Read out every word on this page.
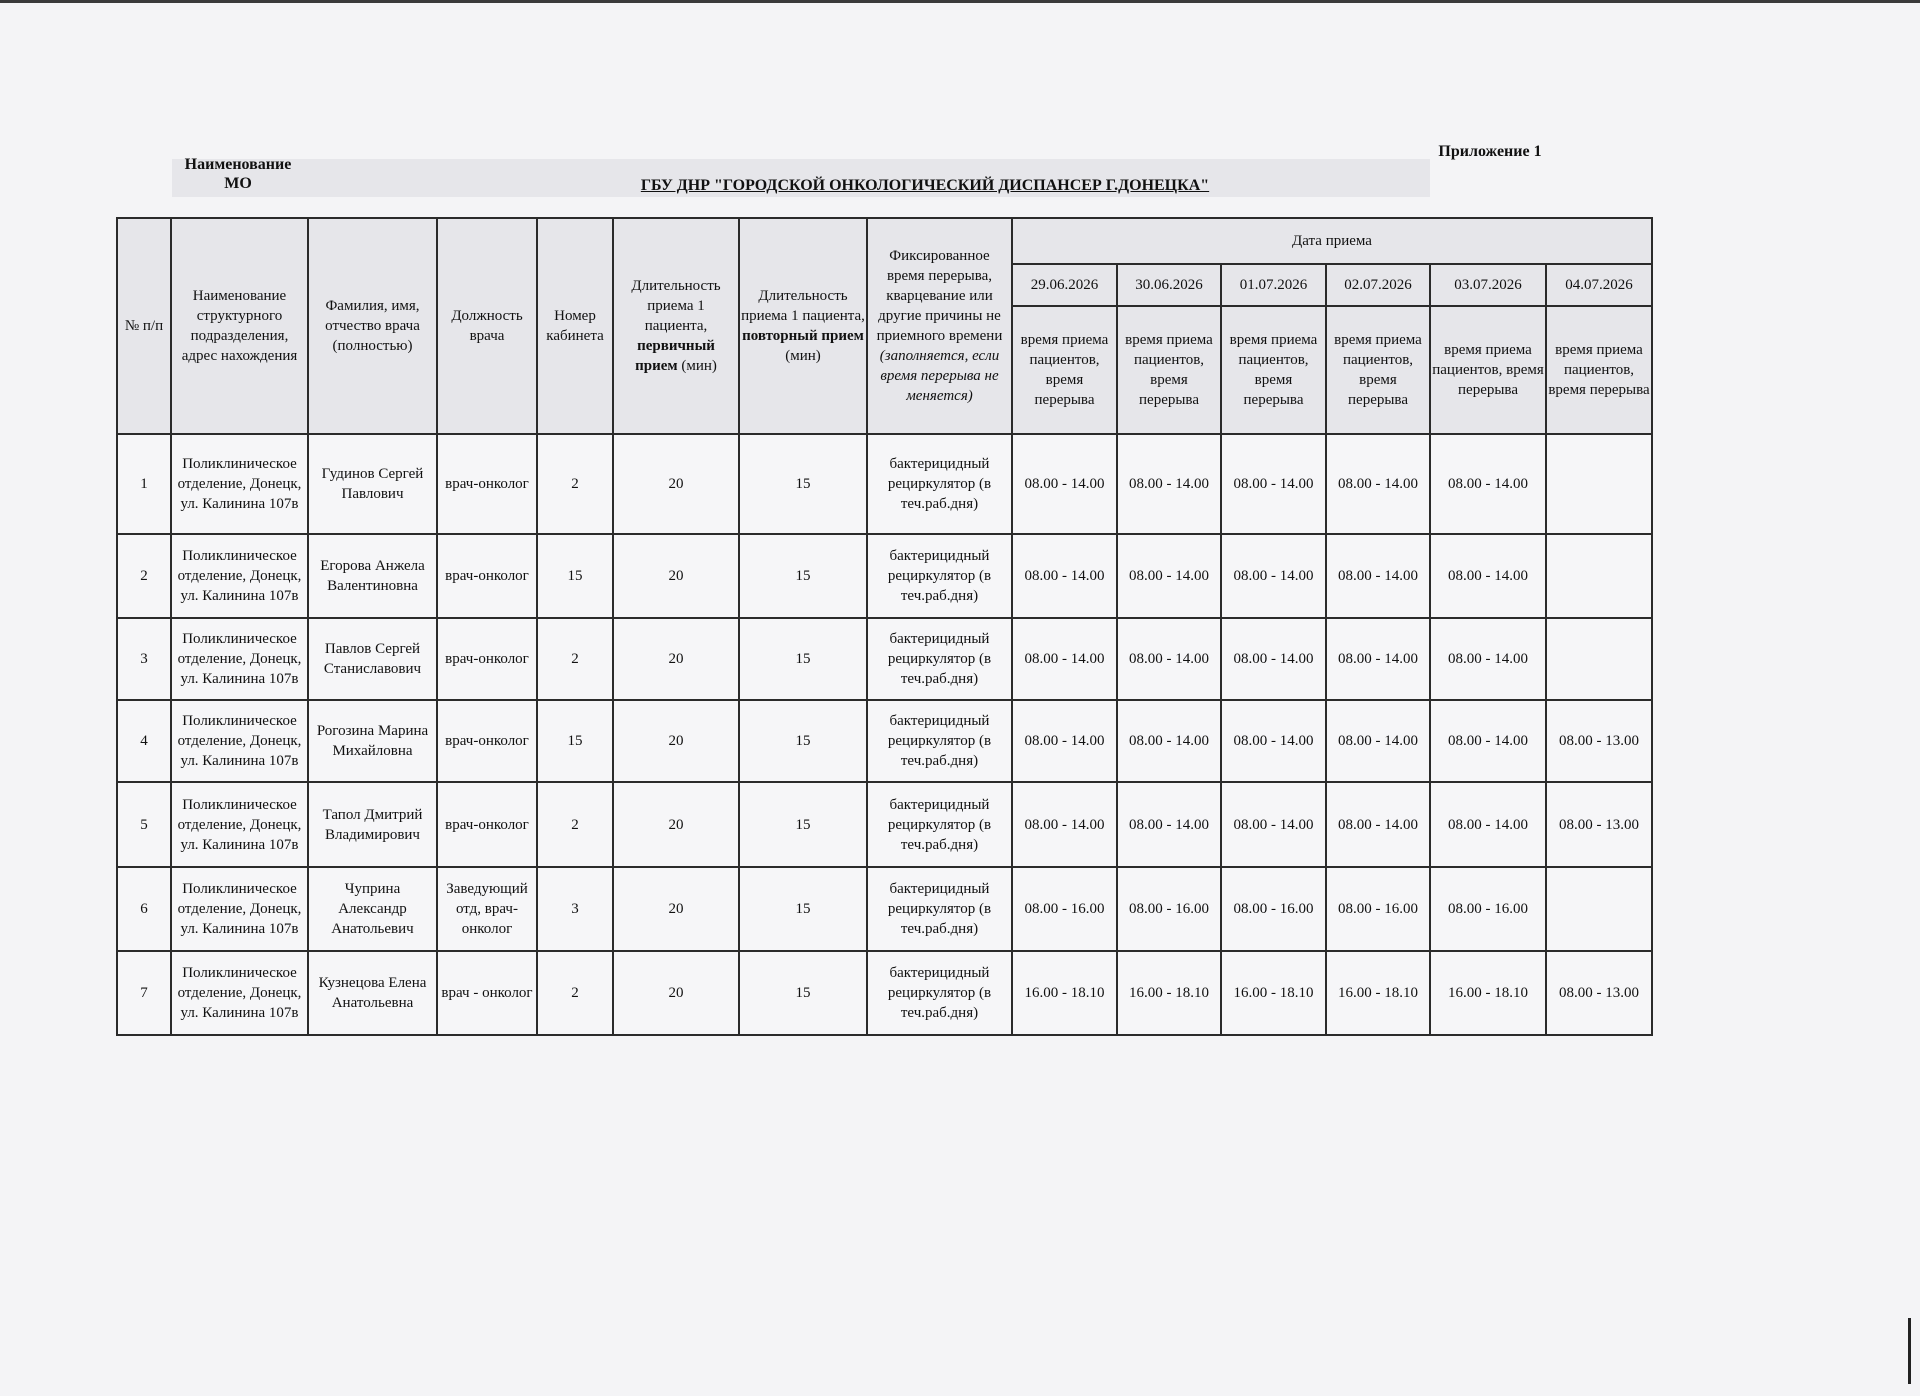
Приложение 1
Наименование
МО	ГБУ ДНР "ГОРОДСКОЙ ОНКОЛОГИЧЕСКИЙ ДИСПАНСЕР Г.ДОНЕЦКА"
№ п/п	Наименование структурного подразделения, адрес нахождения	Фамилия, имя, отчество врача (полностью)	Должность врача	Номер кабинета	Длительность приема 1 пациента, первичный прием (мин)	Длительность приема 1 пациента, повторный прием (мин)	Фиксированное время перерыва, кварцевание или другие причины не приемного времени (заполняется, если время перерыва не меняется)	Дата приема					
								29.06.2026	30.06.2026	01.07.2026	02.07.2026	03.07.2026	04.07.2026
								время приема пациентов, время перерыва	время приема пациентов, время перерыва	время приема пациентов, время перерыва	время приема пациентов, время перерыва	время приема пациентов, время перерыва	время приема пациентов, время перерыва
1	Поликлиническое отделение, Донецк, ул. Калинина 107в	Гудинов Сергей Павлович	врач-онколог	2	20	15	бактерицидный рециркулятор (в теч.раб.дня)	08.00 - 14.00	08.00 - 14.00	08.00 - 14.00	08.00 - 14.00	08.00 - 14.00	
2	Поликлиническое отделение, Донецк, ул. Калинина 107в	Егорова Анжела Валентиновна	врач-онколог	15	20	15	бактерицидный рециркулятор (в теч.раб.дня)	08.00 - 14.00	08.00 - 14.00	08.00 - 14.00	08.00 - 14.00	08.00 - 14.00	
3	Поликлиническое отделение, Донецк, ул. Калинина 107в	Павлов Сергей Станиславович	врач-онколог	2	20	15	бактерицидный рециркулятор (в теч.раб.дня)	08.00 - 14.00	08.00 - 14.00	08.00 - 14.00	08.00 - 14.00	08.00 - 14.00	
4	Поликлиническое отделение, Донецк, ул. Калинина 107в	Рогозина Марина Михайловна	врач-онколог	15	20	15	бактерицидный рециркулятор (в теч.раб.дня)	08.00 - 14.00	08.00 - 14.00	08.00 - 14.00	08.00 - 14.00	08.00 - 14.00	08.00 - 13.00
5	Поликлиническое отделение, Донецк, ул. Калинина 107в	Тапол Дмитрий Владимирович	врач-онколог	2	20	15	бактерицидный рециркулятор (в теч.раб.дня)	08.00 - 14.00	08.00 - 14.00	08.00 - 14.00	08.00 - 14.00	08.00 - 14.00	08.00 - 13.00
6	Поликлиническое отделение, Донецк, ул. Калинина 107в	Чуприна Александр Анатольевич	Заведующий отд, врач-онколог	3	20	15	бактерицидный рециркулятор (в теч.раб.дня)	08.00 - 16.00	08.00 - 16.00	08.00 - 16.00	08.00 - 16.00	08.00 - 16.00	
7	Поликлиническое отделение, Донецк, ул. Калинина 107в	Кузнецова Елена Анатольевна	врач - онколог	2	20	15	бактерицидный рециркулятор (в теч.раб.дня)	16.00 - 18.10	16.00 - 18.10	16.00 - 18.10	16.00 - 18.10	16.00 - 18.10	08.00 - 13.00
